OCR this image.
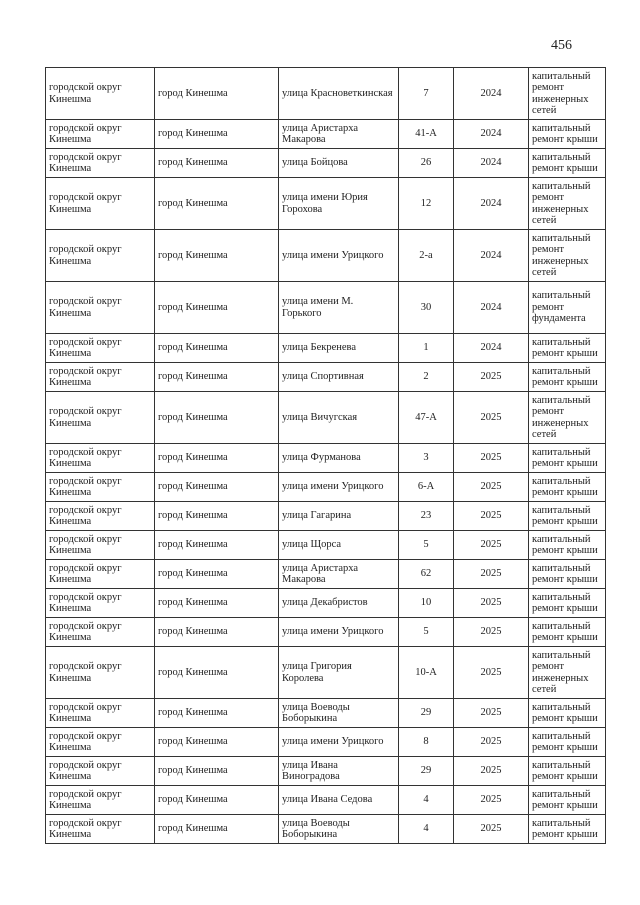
456
городской округ Кинешма	город Кинешма	улица Красноветкинская	7	2024	капитальный ремонт инженерных сетей
городской округ Кинешма	город Кинешма	улица Аристарха Макарова	41-А	2024	капитальный ремонт крыши
городской округ Кинешма	город Кинешма	улица Бойцова	26	2024	капитальный ремонт крыши
городской округ Кинешма	город Кинешма	улица имени Юрия Горохова	12	2024	капитальный ремонт инженерных сетей
городской округ Кинешма	город Кинешма	улица имени Урицкого	2-а	2024	капитальный ремонт инженерных сетей
городской округ Кинешма	город Кинешма	улица имени М. Горького	30	2024	капитальный ремонт фундамента
городской округ Кинешма	город Кинешма	улица Бекренева	1	2024	капитальный ремонт крыши
городской округ Кинешма	город Кинешма	улица Спортивная	2	2025	капитальный ремонт крыши
городской округ Кинешма	город Кинешма	улица Вичугская	47-А	2025	капитальный ремонт инженерных сетей
городской округ Кинешма	город Кинешма	улица Фурманова	3	2025	капитальный ремонт крыши
городской округ Кинешма	город Кинешма	улица имени Урицкого	6-А	2025	капитальный ремонт крыши
городской округ Кинешма	город Кинешма	улица Гагарина	23	2025	капитальный ремонт крыши
городской округ Кинешма	город Кинешма	улица Щорса	5	2025	капитальный ремонт крыши
городской округ Кинешма	город Кинешма	улица Аристарха Макарова	62	2025	капитальный ремонт крыши
городской округ Кинешма	город Кинешма	улица Декабристов	10	2025	капитальный ремонт крыши
городской округ Кинешма	город Кинешма	улица имени Урицкого	5	2025	капитальный ремонт крыши
городской округ Кинешма	город Кинешма	улица Григория Королева	10-А	2025	капитальный ремонт инженерных сетей
городской округ Кинешма	город Кинешма	улица Воеводы Боборыкина	29	2025	капитальный ремонт крыши
городской округ Кинешма	город Кинешма	улица имени Урицкого	8	2025	капитальный ремонт крыши
городской округ Кинешма	город Кинешма	улица Ивана Виноградова	29	2025	капитальный ремонт крыши
городской округ Кинешма	город Кинешма	улица Ивана Седова	4	2025	капитальный ремонт крыши
городской округ Кинешма	город Кинешма	улица Воеводы Боборыкина	4	2025	капитальный ремонт крыши
